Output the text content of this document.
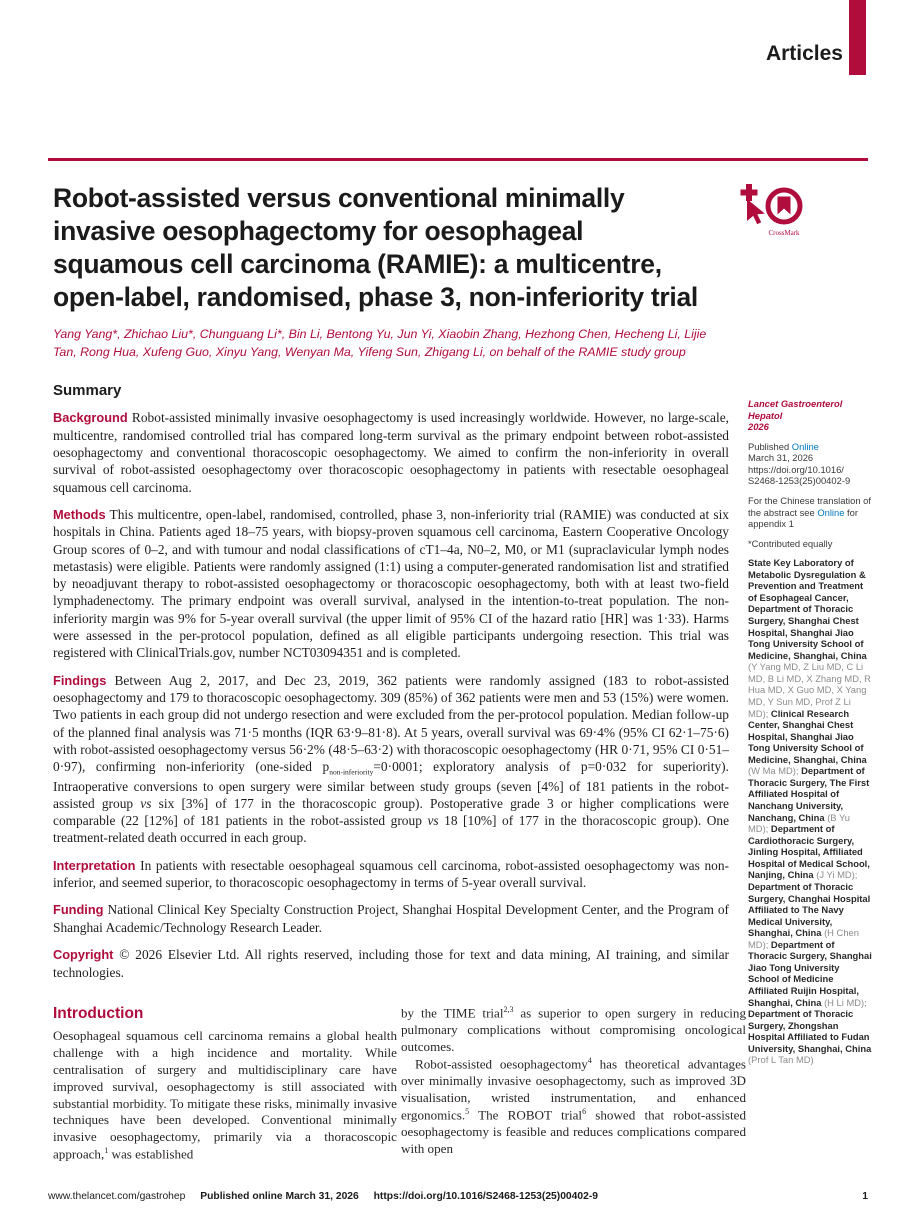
Articles
CrossMark
Robot-assisted versus conventional minimally invasive oesophagectomy for oesophageal squamous cell carcinoma (RAMIE): a multicentre, open-label, randomised, phase 3, non-inferiority trial
Yang Yang*, Zhichao Liu*, Chunguang Li*, Bin Li, Bentong Yu, Jun Yi, Xiaobin Zhang, Hezhong Chen, Hecheng Li, Lijie Tan, Rong Hua, Xufeng Guo, Xinyu Yang, Wenyan Ma, Yifeng Sun, Zhigang Li, on behalf of the RAMIE study group
Summary

Background Robot-assisted minimally invasive oesophagectomy is used increasingly worldwide. However, no large-scale, multicentre, randomised controlled trial has compared long-term survival as the primary endpoint between robot-assisted oesophagectomy and conventional thoracoscopic oesophagectomy. We aimed to confirm the non-inferiority in overall survival of robot-assisted oesophagectomy over thoracoscopic oesophagectomy in patients with resectable oesophageal squamous cell carcinoma.

Methods This multicentre, open-label, randomised, controlled, phase 3, non-inferiority trial (RAMIE) was conducted at six hospitals in China. Patients aged 18–75 years, with biopsy-proven squamous cell carcinoma, Eastern Cooperative Oncology Group scores of 0–2, and with tumour and nodal classifications of cT1–4a, N0–2, M0, or M1 (supraclavicular lymph nodes metastasis) were eligible. Patients were randomly assigned (1:1) using a computer-generated randomisation list and stratified by neoadjuvant therapy to robot-assisted oesophagectomy or thoracoscopic oesophagectomy, both with at least two-field lymphadenectomy. The primary endpoint was overall survival, analysed in the intention-to-treat population. The non-inferiority margin was 9% for 5-year overall survival (the upper limit of 95% CI of the hazard ratio [HR] was 1·33). Harms were assessed in the per-protocol population, defined as all eligible participants undergoing resection. This trial was registered with ClinicalTrials.gov, number NCT03094351 and is completed.

Findings Between Aug 2, 2017, and Dec 23, 2019, 362 patients were randomly assigned (183 to robot-assisted oesophagectomy and 179 to thoracoscopic oesophagectomy. 309 (85%) of 362 patients were men and 53 (15%) were women. Two patients in each group did not undergo resection and were excluded from the per-protocol population. Median follow-up of the planned final analysis was 71·5 months (IQR 63·9–81·8). At 5 years, overall survival was 69·4% (95% CI 62·1–75·6) with robot-assisted oesophagectomy versus 56·2% (48·5–63·2) with thoracoscopic oesophagectomy (HR 0·71, 95% CI 0·51–0·97), confirming non-inferiority (one-sided $p_{non-inferiority}=0\cdot 0001$; exploratory analysis of p=0·032 for superiority). Intraoperative conversions to open surgery were similar between study groups (seven [4%] of 181 patients in the robot-assisted group vs six [3%] of 177 in the thoracoscopic group). Postoperative grade 3 or higher complications were comparable (22 [12%] of 181 patients in the robot-assisted group vs 18 [10%] of 177 in the thoracoscopic group). One treatment-related death occurred in each group.

Interpretation In patients with resectable oesophageal squamous cell carcinoma, robot-assisted oesophagectomy was non-inferior, and seemed superior, to thoracoscopic oesophagectomy in terms of 5-year overall survival.

Funding National Clinical Key Specialty Construction Project, Shanghai Hospital Development Center, and the Program of Shanghai Academic/Technology Research Leader.

Copyright © 2026 Elsevier Ltd. All rights reserved, including those for text and data mining, AI training, and similar technologies.

Introduction

Oesophageal squamous cell carcinoma remains a global health challenge with a high incidence and mortality. While centralisation of surgery and multidisciplinary care have improved survival, oesophagectomy is still associated with substantial morbidity. To mitigate these risks, minimally invasive techniques have been developed. Conventional minimally invasive oesophagectomy, primarily via a thoracoscopic approach,$^1$ was established

by the TIME trial$^{2,3}$ as superior to open surgery in reducing pulmonary complications without compromising oncological outcomes.

Robot-assisted oesophagectomy$^4$ has theoretical advantages over minimally invasive oesophagectomy, such as improved 3D visualisation, wristed instrumentation, and enhanced ergonomics.$^5$ The ROBOT trial$^6$ showed that robot-assisted oesophagectomy is feasible and reduces complications compared with open

Lancet Gastroenterol Hepatol
2026
Published Online
March 31, 2026
https://doi.org/10.1016/
S2468-1253(25)00402-9
For the Chinese translation of the abstract see Online for appendix 1
*Contributed equally
State Key Laboratory of Metabolic Dysregulation & Prevention and Treatment of Esophageal Cancer, Department of Thoracic Surgery, Shanghai Chest Hospital, Shanghai Jiao Tong University School of Medicine, Shanghai, China (Y Yang MD, Z Liu MD, C Li MD, B Li MD, X Zhang MD, R Hua MD, X Guo MD, X Yang MD, Y Sun MD, Prof Z Li MD); Clinical Research Center, Shanghai Chest Hospital, Shanghai Jiao Tong University School of Medicine, Shanghai, China (W Ma MD); Department of Thoracic Surgery, The First Affiliated Hospital of Nanchang University, Nanchang, China (B Yu MD); Department of Cardiothoracic Surgery, Jinling Hospital, Affiliated Hospital of Medical School, Nanjing, China (J Yi MD); Department of Thoracic Surgery, Changhai Hospital Affiliated to The Navy Medical University, Shanghai, China (H Chen MD); Department of Thoracic Surgery, Shanghai Jiao Tong University School of Medicine Affiliated Ruijin Hospital, Shanghai, China (H Li MD); Department of Thoracic Surgery, Zhongshan Hospital Affiliated to Fudan University, Shanghai, China (Prof L Tan MD)
1
www.thelancet.com/gastrohep Published online March 31, 2026 https://doi.org/10.1016/S2468-1253(25)00402-9
